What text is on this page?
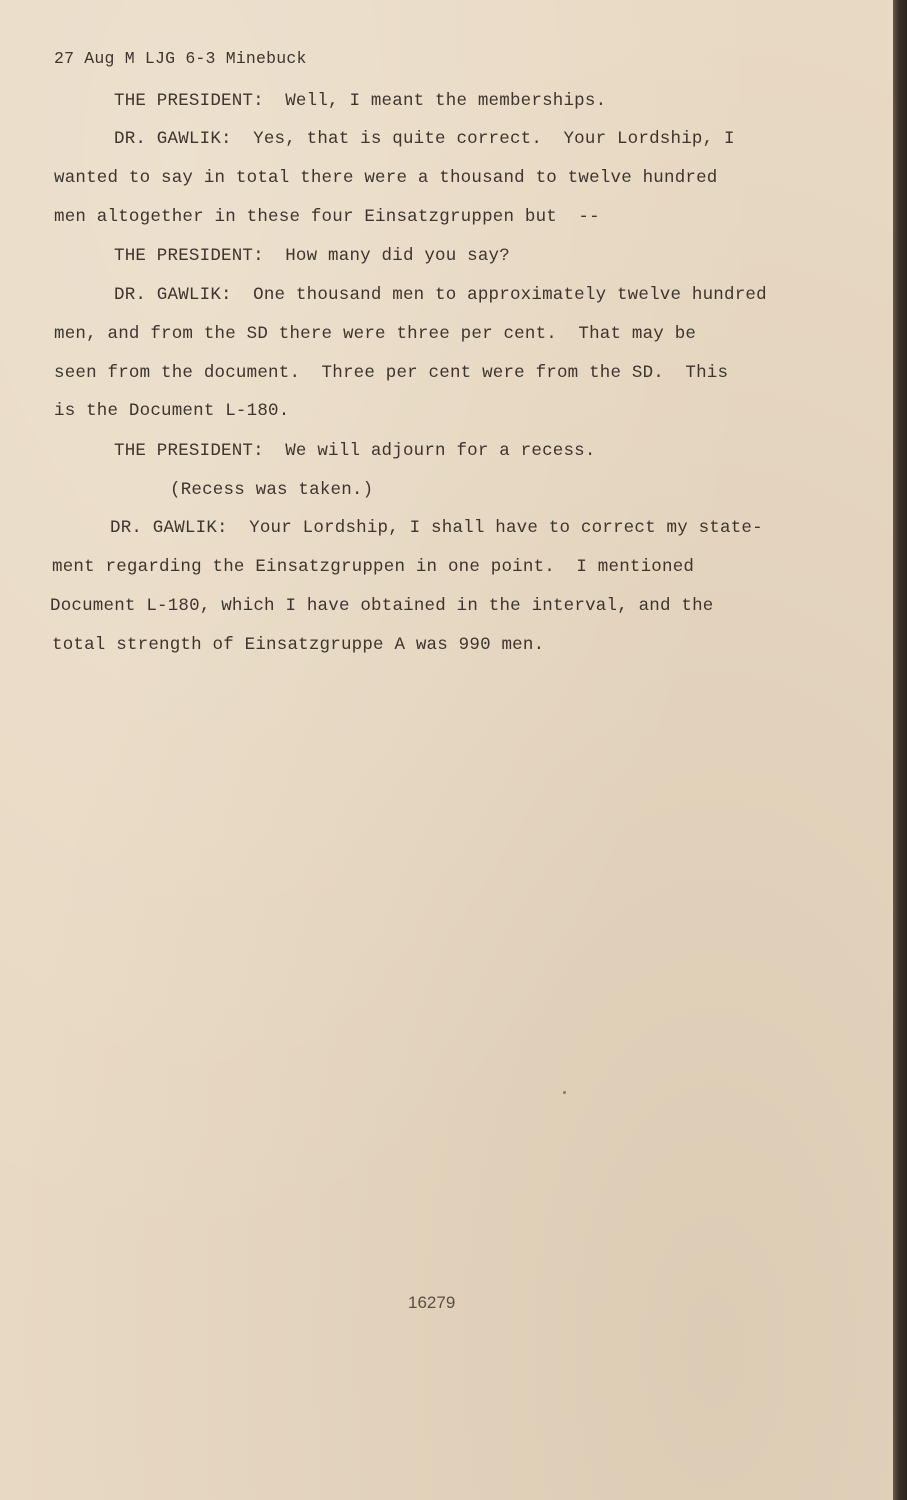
27 Aug M LJG 6-3 Minebuck
THE PRESIDENT:  Well, I meant the memberships.
DR. GAWLIK:  Yes, that is quite correct.  Your Lordship, I
wanted to say in total there were a thousand to twelve hundred
men altogether in these four Einsatzgruppen but  --
THE PRESIDENT:  How many did you say?
DR. GAWLIK:  One thousand men to approximately twelve hundred
men, and from the SD there were three per cent.  That may be
seen from the document.  Three per cent were from the SD.  This
is the Document L-180.
THE PRESIDENT:  We will adjourn for a recess.
(Recess was taken.)
DR. GAWLIK:  Your Lordship, I shall have to correct my state-
ment regarding the Einsatzgruppen in one point.  I mentioned
Document L-180, which I have obtained in the interval, and the
total strength of Einsatzgruppe A was 990 men.
16279
